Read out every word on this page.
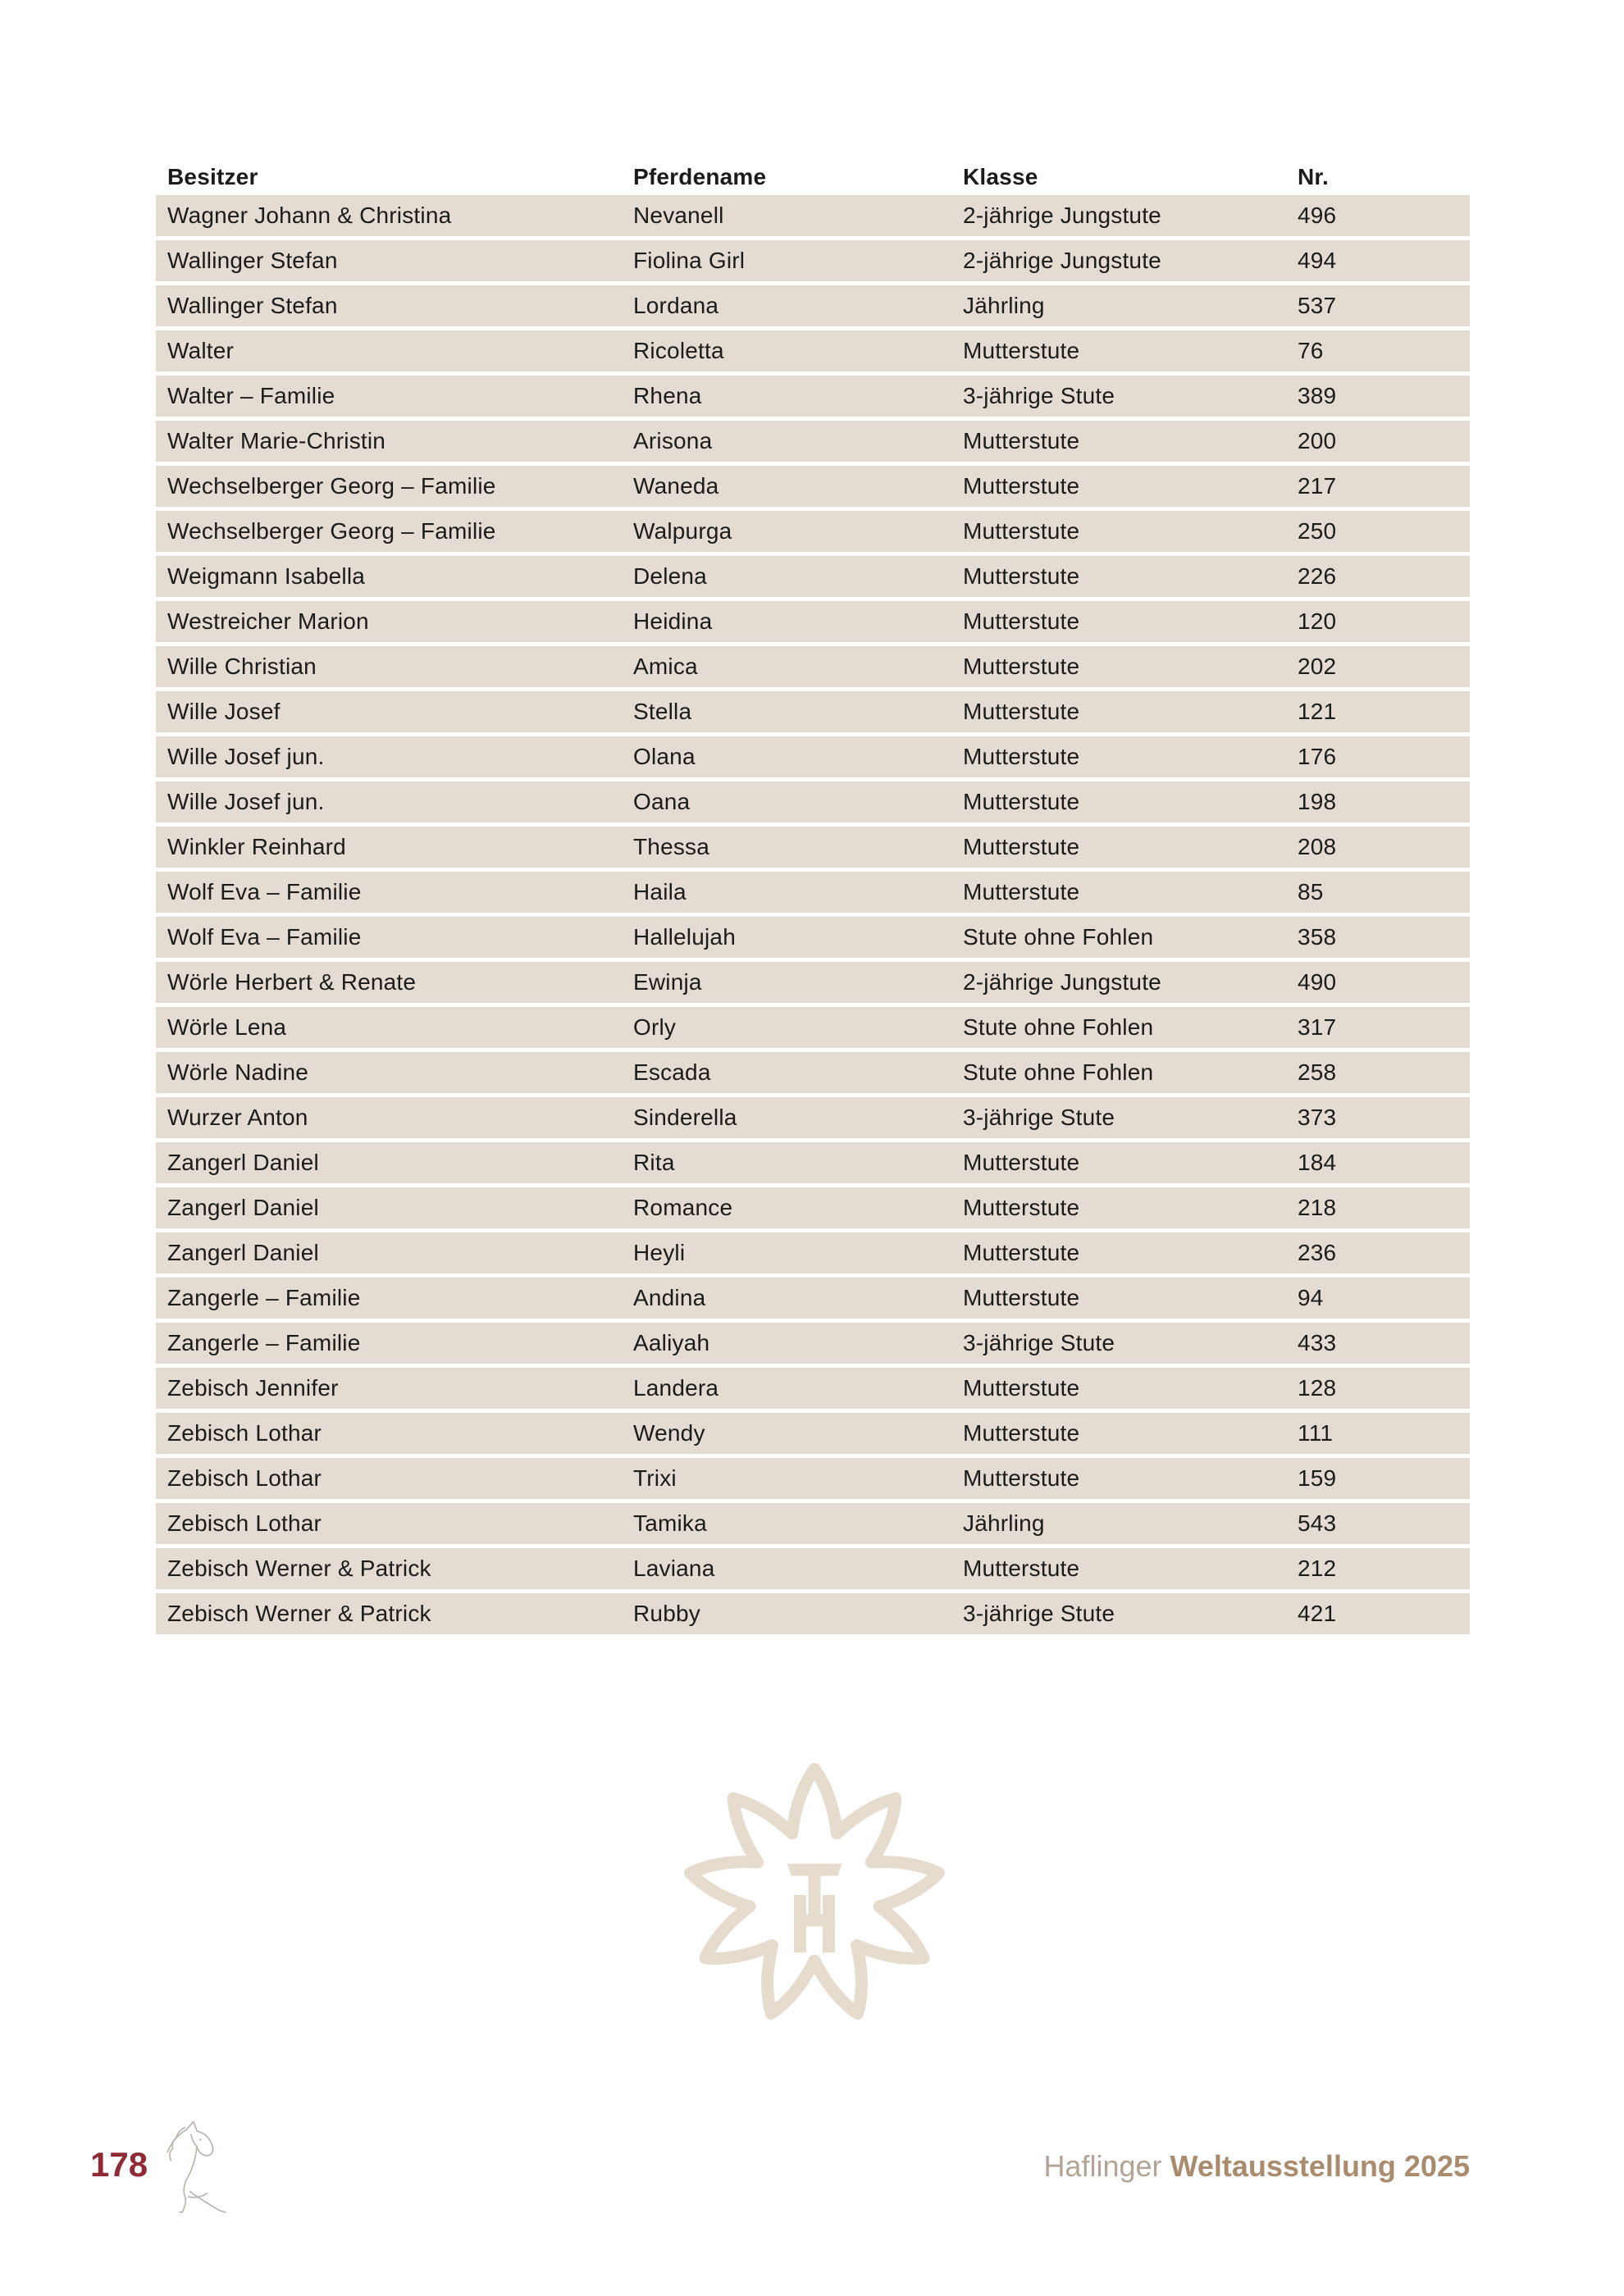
Besitzer	Pferdename	Klasse	Nr.
Wagner Johann & Christina	Nevanell	2-jährige Jungstute	496
Wallinger Stefan	Fiolina Girl	2-jährige Jungstute	494
Wallinger Stefan	Lordana	Jährling	537
Walter	Ricoletta	Mutterstute	76
Walter – Familie	Rhena	3-jährige Stute	389
Walter Marie-Christin	Arisona	Mutterstute	200
Wechselberger Georg – Familie	Waneda	Mutterstute	217
Wechselberger Georg – Familie	Walpurga	Mutterstute	250
Weigmann Isabella	Delena	Mutterstute	226
Westreicher Marion	Heidina	Mutterstute	120
Wille Christian	Amica	Mutterstute	202
Wille Josef	Stella	Mutterstute	121
Wille Josef jun.	Olana	Mutterstute	176
Wille Josef jun.	Oana	Mutterstute	198
Winkler Reinhard	Thessa	Mutterstute	208
Wolf Eva – Familie	Haila	Mutterstute	85
Wolf Eva – Familie	Hallelujah	Stute ohne Fohlen	358
Wörle Herbert & Renate	Ewinja	2-jährige Jungstute	490
Wörle Lena	Orly	Stute ohne Fohlen	317
Wörle Nadine	Escada	Stute ohne Fohlen	258
Wurzer Anton	Sinderella	3-jährige Stute	373
Zangerl Daniel	Rita	Mutterstute	184
Zangerl Daniel	Romance	Mutterstute	218
Zangerl Daniel	Heyli	Mutterstute	236
Zangerle – Familie	Andina	Mutterstute	94
Zangerle – Familie	Aaliyah	3-jährige Stute	433
Zebisch Jennifer	Landera	Mutterstute	128
Zebisch Lothar	Wendy	Mutterstute	111
Zebisch Lothar	Trixi	Mutterstute	159
Zebisch Lothar	Tamika	Jährling	543
Zebisch Werner & Patrick	Laviana	Mutterstute	212
Zebisch Werner & Patrick	Rubby	3-jährige Stute	421
178	Haflinger Weltausstellung 2025
